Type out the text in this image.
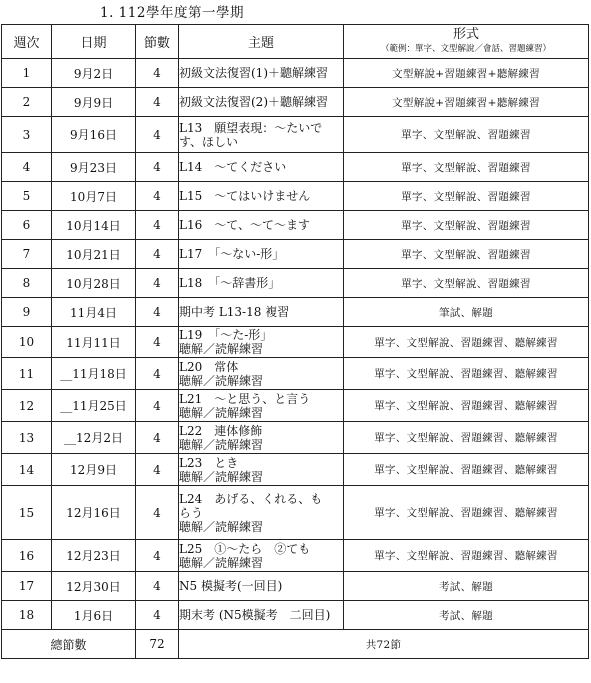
1. 112學年度第一學期
週次	日期	節數	主題	形式
（範例：單字、文型解說／會話、習題練習）

1	9月2日	4	初級文法復習(1)＋聽解練習	文型解說+習題練習+聽解練習
2	9月9日	4	初級文法復習(2)＋聽解練習	文型解說+習題練習+聽解練習
3	9月16日	4	L13　願望表現：～たいで
す、ほしい	單字、文型解說、習題練習
4	9月23日	4	L14　～てください	單字、文型解說、習題練習
5	10月7日	4	L15　～てはいけません	單字、文型解說、習題練習
6	10月14日	4	L16　～て、～て～ます	單字、文型解說、習題練習
7	10月21日	4	L17　「～ない-形」	單字、文型解說、習題練習
8	10月28日	4	L18　「～辞書形」	單字、文型解說、習題練習
9	11月4日	4	期中考 L13-18 複習	筆試、解題
10	11月11日	4	L19　「～た-形」
聴解／読解練習	單字、文型解說、習題練習、聽解練習
11	__11月18日	4	L20　常体
聴解／読解練習	單字、文型解說、習題練習、聽解練習
12	__11月25日	4	L21　～と思う、と言う
聴解／読解練習	單字、文型解說、習題練習、聽解練習
13	__12月2日	4	L22　連体修飾
聴解／読解練習	單字、文型解說、習題練習、聽解練習
14	12月9日	4	L23　とき
聴解／読解練習	單字、文型解說、習題練習、聽解練習
15	12月16日	4	L24　あげる、くれる、も
らう
聴解／読解練習	單字、文型解說、習題練習、聽解練習
16	12月23日	4	L25　①～たら　②ても
聴解／読解練習	單字、文型解說、習題練習、聽解練習
17	12月30日	4	N5 模擬考(一回目)	考試、解題
18	1月6日	4	期末考 (N5模擬考　二回目)	考試、解題
總節數		72	共72節	
